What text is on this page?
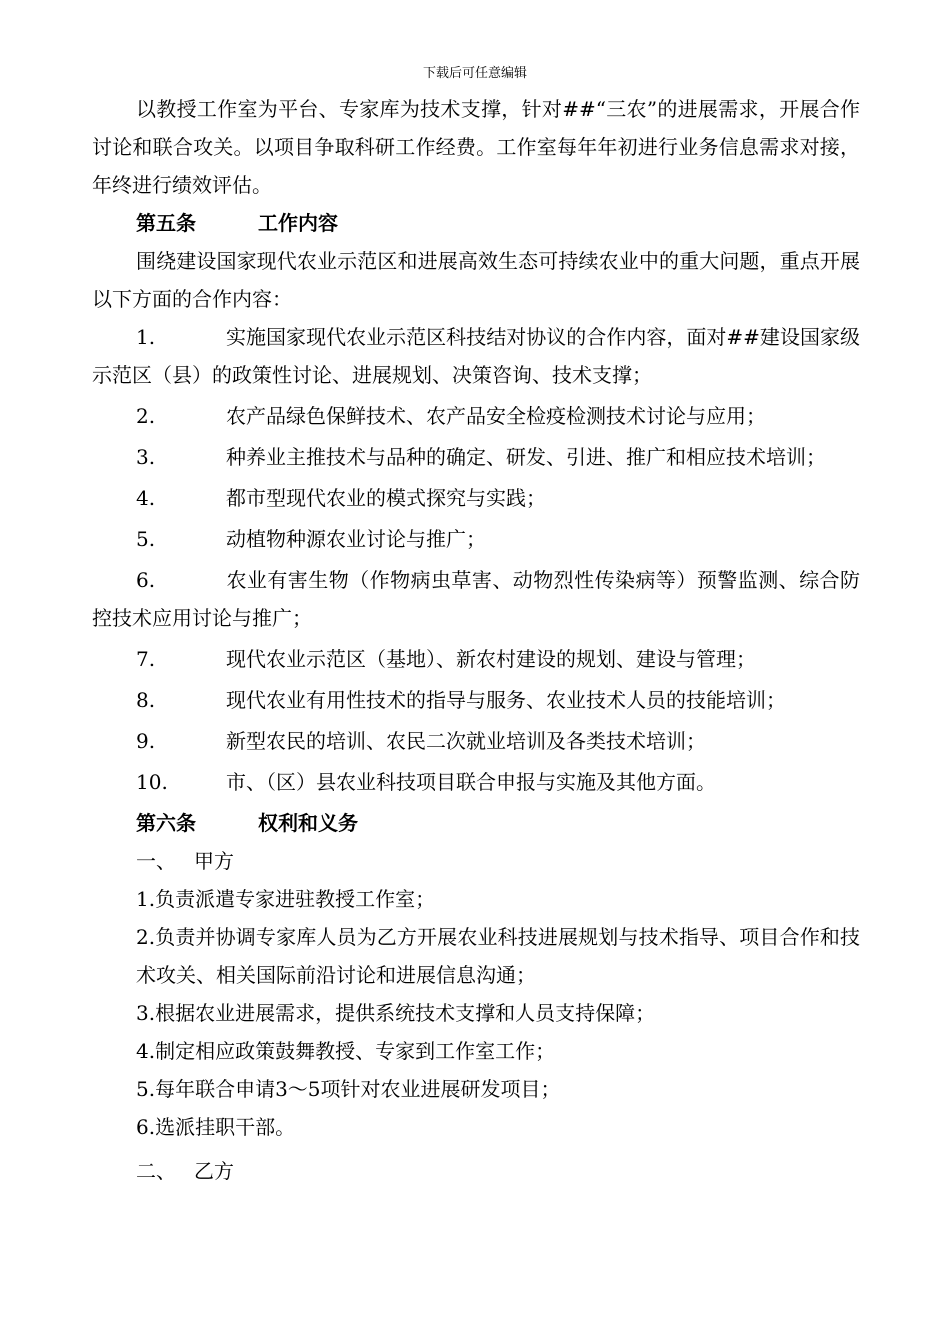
下载后可任意编辑

以教授工作室为平台、专家库为技术支撑，针对##“三农”的进展需求，开展合作讨论和联合攻关。以项目争取科研工作经费。工作室每年年初进行业务信息需求对接，年终进行绩效评估。

第五条	工作内容

围绕建设国家现代农业示范区和进展高效生态可持续农业中的重大问题，重点开展以下方面的合作内容：

1.	实施国家现代农业示范区科技结对协议的合作内容，面对##建设国家级示范区（县）的政策性讨论、进展规划、决策咨询、技术支撑；

2.	农产品绿色保鲜技术、农产品安全检疫检测技术讨论与应用；

3.	种养业主推技术与品种的确定、研发、引进、推广和相应技术培训；

4.	都市型现代农业的模式探究与实践；

5.	动植物种源农业讨论与推广；

6.	农业有害生物（作物病虫草害、动物烈性传染病等）预警监测、综合防控技术应用讨论与推广；

7.	现代农业示范区（基地）、新农村建设的规划、建设与管理；

8.	现代农业有用性技术的指导与服务、农业技术人员的技能培训；

9.	新型农民的培训、农民二次就业培训及各类技术培训；

10.	市、（区）县农业科技项目联合申报与实施及其他方面。

第六条	权利和义务
一、 甲方

1.负责派遣专家进驻教授工作室；

2.负责并协调专家库人员为乙方开展农业科技进展规划与技术指导、项目合作和技术攻关、相关国际前沿讨论和进展信息沟通；

3.根据农业进展需求，提供系统技术支撑和人员支持保障；

4.制定相应政策鼓舞教授、专家到工作室工作；

5.每年联合申请3～5项针对农业进展研发项目；

6.选派挂职干部。

二、 乙方
